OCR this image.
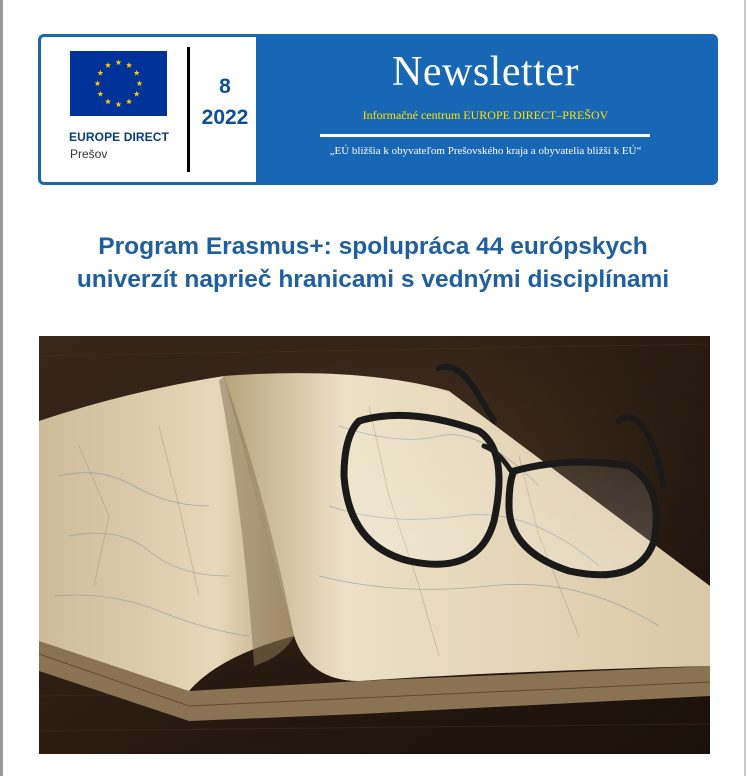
EUROPE DIRECT
Prešov
8
2022
Newsletter
Informačné centrum EUROPE DIRECT–PREŠOV
„EÚ bližšia k obyvateľom Prešovského kraja a obyvatelia bližší k EÚ“
Program Erasmus+: spolupráca 44 európskych
univerzít naprieč hranicami s vednými disciplínami
